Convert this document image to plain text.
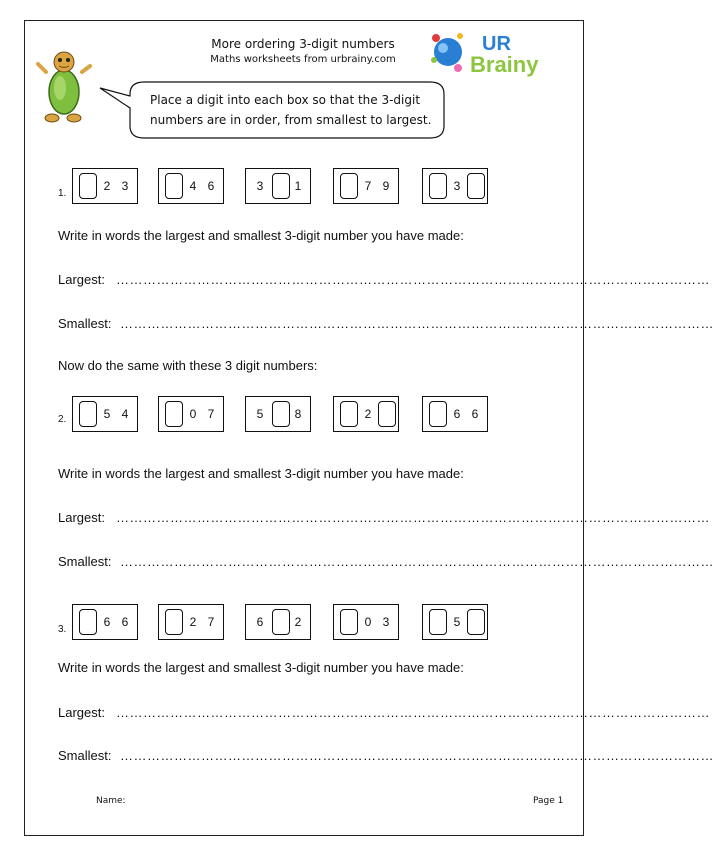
More ordering 3-digit numbers
Maths worksheets from urbrainy.com
UR
Brainy
Place a digit into each box so that the 3-digit
numbers are in order, from smallest to largest.
1.
2 3	4 6	3	1	7 9	3
Write in words the largest and smallest 3-digit number you have made:
Largest: ……………………………………………………………………………………………………………………
Smallest: ……………………………………………………………………………………………………………………
Now do the same with these 3 digit numbers:
2.	5 4	0 7	5	8	2	6 6
Write in words the largest and smallest 3-digit number you have made:
Largest: ……………………………………………………………………………………………………………………
Smallest: ……………………………………………………………………………………………………………………
3.
6 6	2 7	6	2	0 3	5
Write in words the largest and smallest 3-digit number you have made:
Largest: ……………………………………………………………………………………………………………………
Smallest: ……………………………………………………………………………………………………………………
Name:	Page 1
